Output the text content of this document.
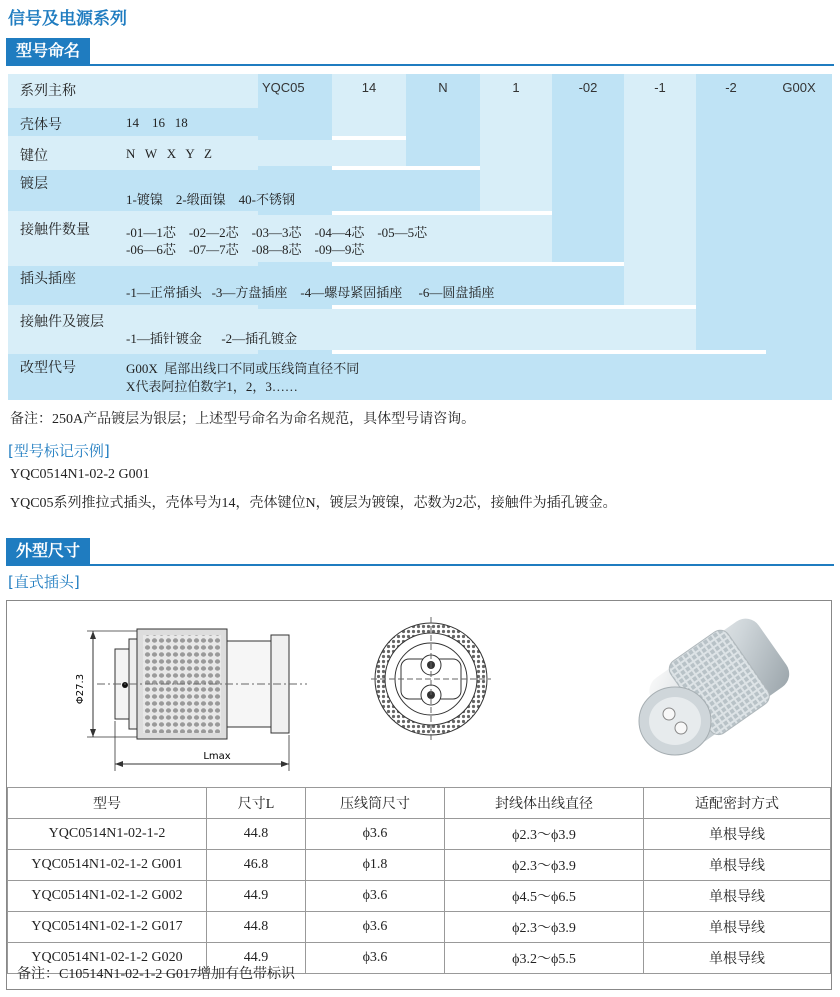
信号及电源系列
型号命名
系列主称	YQC05	14	N	1	-02	-1	-2	G00X
壳体号	14    16   18
键位	N   W   X   Y   Z
镀层
1-镀镍    2-缎面镍    40-不锈钢
接触件数量	-01—1芯    -02—2芯    -03—3芯    -04—4芯    -05—5芯
-06—6芯    -07—7芯    -08—8芯    -09—9芯
插头插座
-1—正常插头   -3—方盘插座    -4—螺母紧固插座     -6—圆盘插座
接触件及镀层
-1—插针镀金      -2—插孔镀金
改型代号	G00X  尾部出线口不同或压线筒直径不同
X代表阿拉伯数字1，2，3……
备注：250A产品镀层为银层；上述型号命名为命名规范，具体型号请咨询。
[型号标记示例]
YQC0514N1-02-2 G001
YQC05系列推拉式插头，壳体号为14，壳体键位N，镀层为镀镍，芯数为2芯，接触件为插孔镀金。
外型尺寸
[直式插头]
Φ27.3
Lmax
型号	尺寸L	压线筒尺寸	封线体出线直径	适配密封方式
YQC0514N1-02-1-2	44.8	ϕ3.6	ϕ2.3～ϕ3.9	单根导线
YQC0514N1-02-1-2 G001	46.8	ϕ1.8	ϕ2.3～ϕ3.9	单根导线
YQC0514N1-02-1-2 G002	44.9	ϕ3.6	ϕ4.5～ϕ6.5	单根导线
YQC0514N1-02-1-2 G017	44.8	ϕ3.6	ϕ2.3～ϕ3.9	单根导线
YQC0514N1-02-1-2 G020	44.9	ϕ3.6	ϕ3.2～ϕ5.5	单根导线
备注：C10514N1-02-1-2 G017增加有色带标识
